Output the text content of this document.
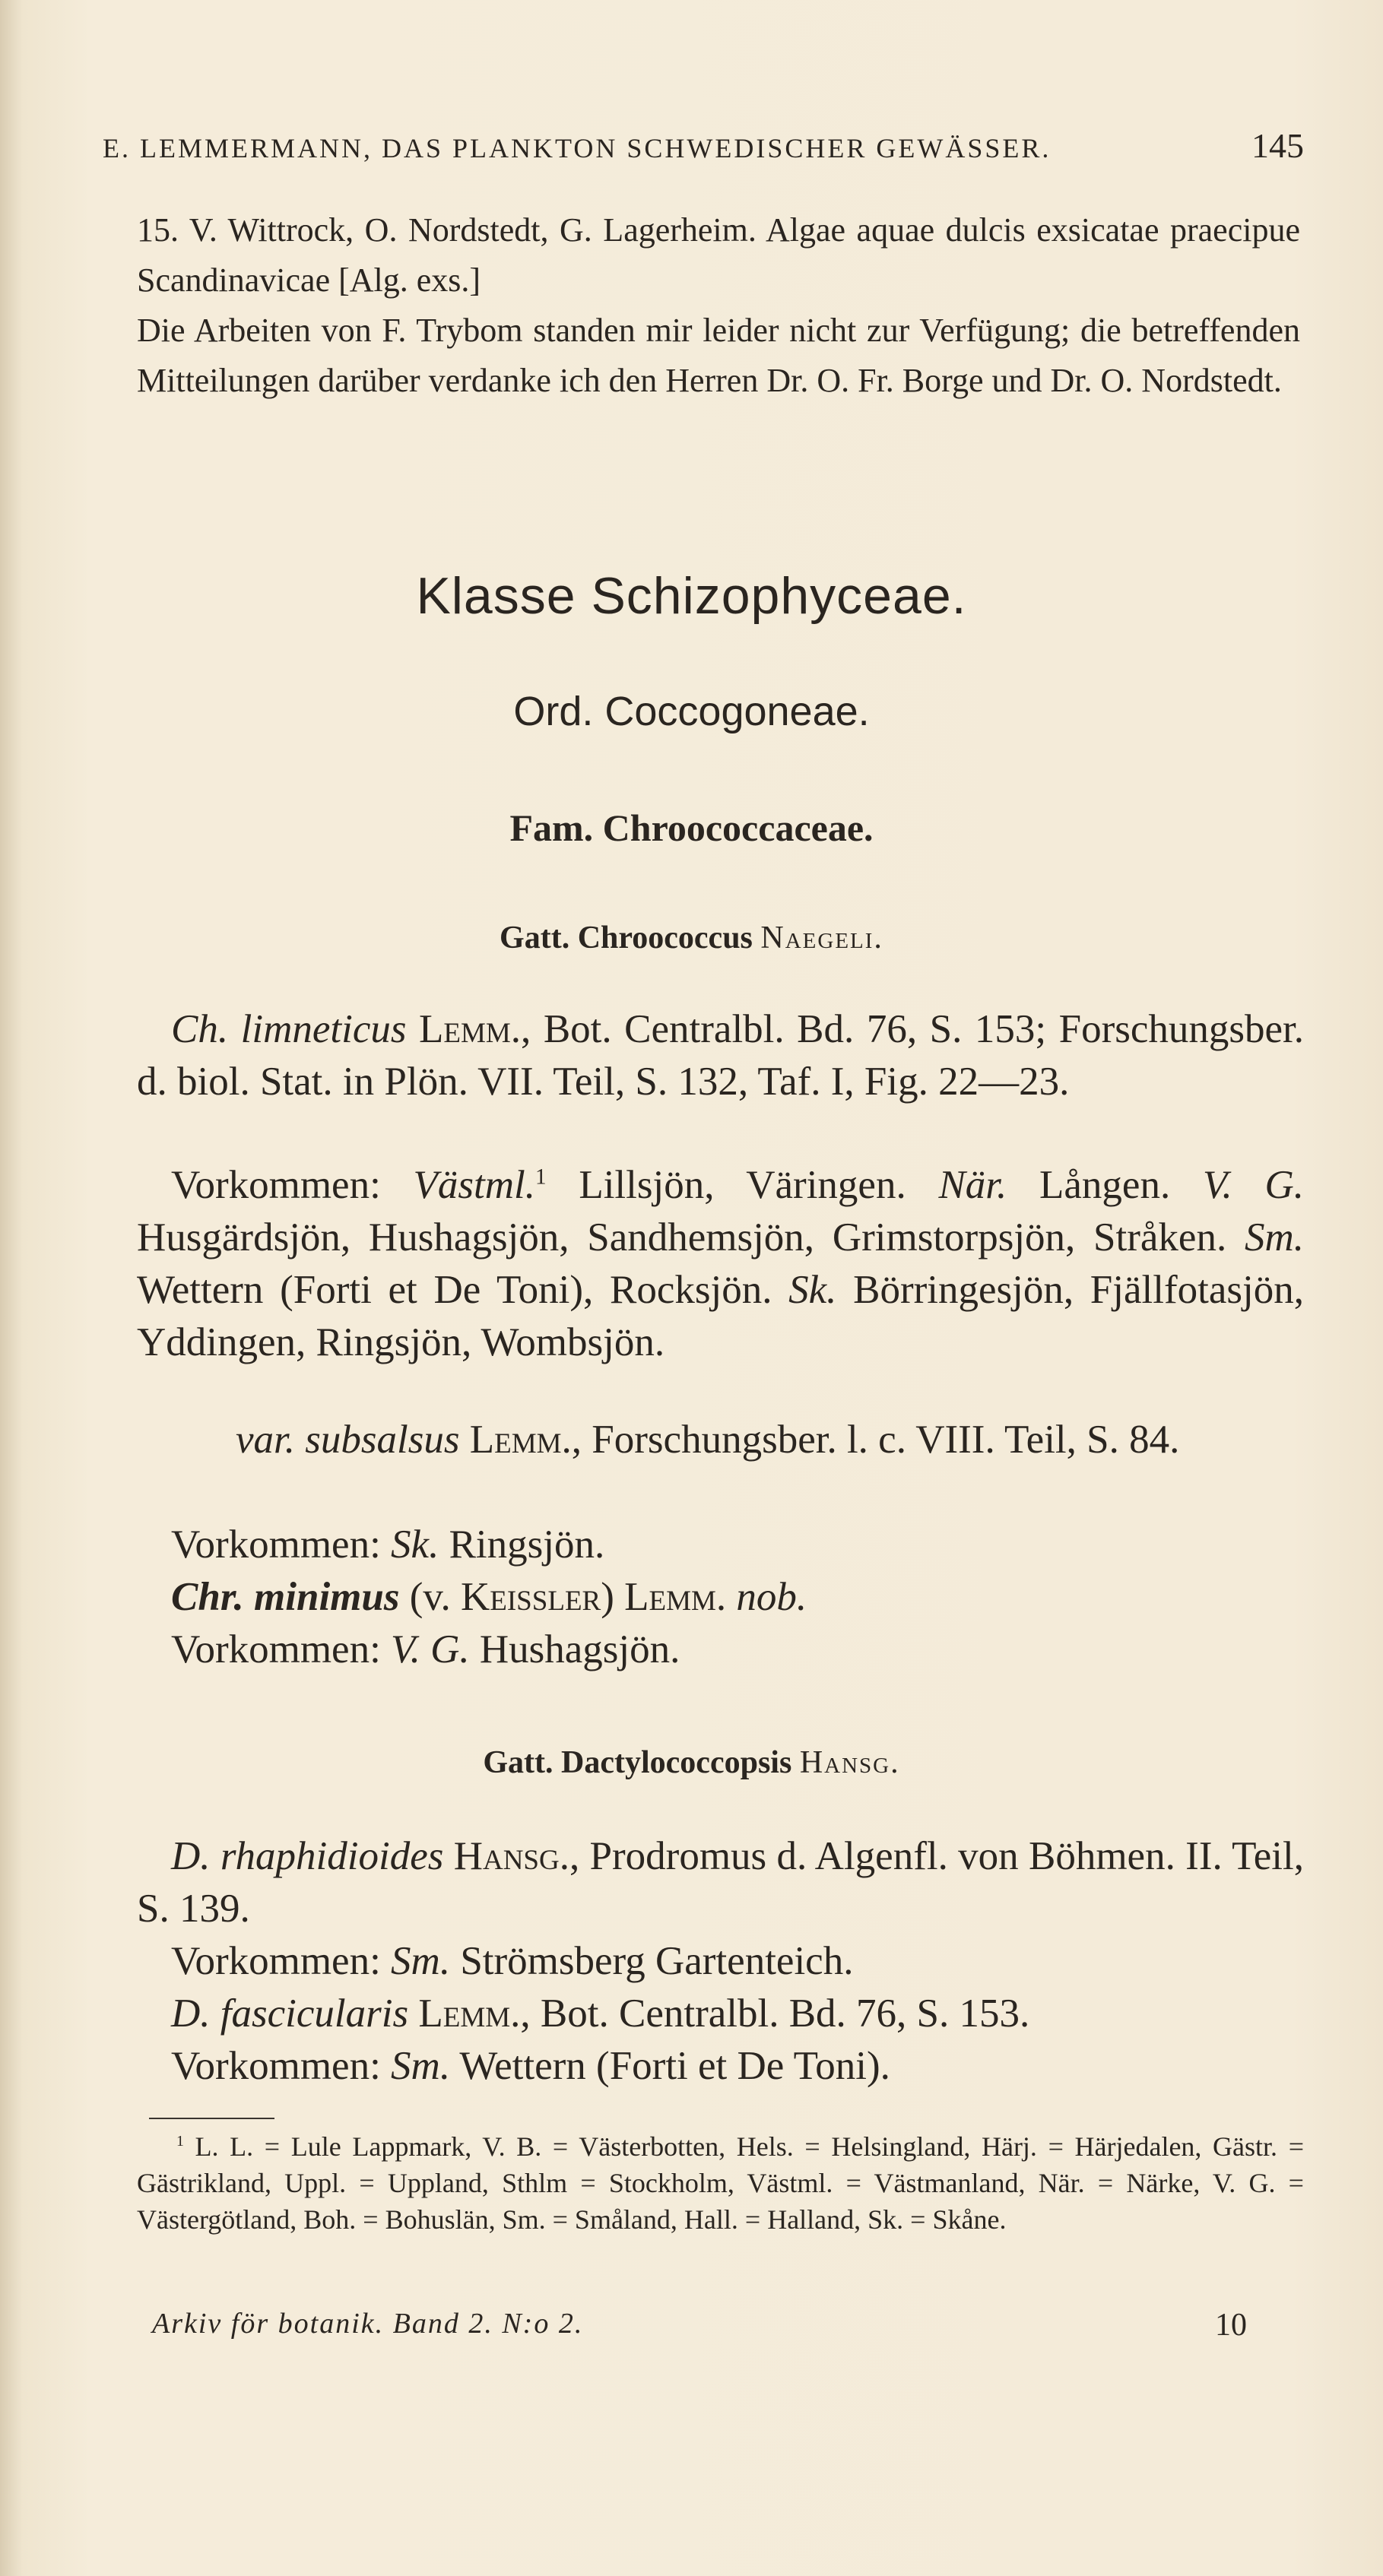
E. LEMMERMANN, DAS PLANKTON SCHWEDISCHER GEWÄSSER.	145

15. V. Wittrock, O. Nordstedt, G. Lagerheim. Algae aquae dulcis exsicatae praecipue Scandinavicae [Alg. exs.]

Die Arbeiten von F. Trybom standen mir leider nicht zur Verfügung; die betreffenden Mitteilungen darüber verdanke ich den Herren Dr. O. Fr. Borge und Dr. O. Nordstedt.

Klasse Schizophyceae.
Ord. Coccogoneae.
Fam. Chroococcaceae.
Gatt. Chroococcus Naegeli.

Ch. limneticus Lemm., Bot. Centralbl. Bd. 76, S. 153; Forschungsber. d. biol. Stat. in Plön. VII. Teil, S. 132, Taf. I, Fig. 22—23.

Vorkommen: Västml.$^1$ Lillsjön, Väringen. När. Lången. V. G. Husgärdsjön, Hushagsjön, Sandhemsjön, Grimstorpsjön, Stråken. Sm. Wettern (Forti et De Toni), Rocksjön. Sk. Börringesjön, Fjällfotasjön, Yddingen, Ringsjön, Wombsjön.

var. subsalsus Lemm., Forschungsber. l. c. VIII. Teil, S. 84.

Vorkommen: Sk. Ringsjön.

Chr. minimus (v. Keissler) Lemm. nob.

Vorkommen: V. G. Hushagsjön.

Gatt. Dactylococcopsis Hansg.

D. rhaphidioides Hansg., Prodromus d. Algenfl. von Böhmen. II. Teil, S. 139.

Vorkommen: Sm. Strömsberg Gartenteich.

D. fascicularis Lemm., Bot. Centralbl. Bd. 76, S. 153.

Vorkommen: Sm. Wettern (Forti et De Toni).

$^1$ L. L. = Lule Lappmark, V. B. = Västerbotten, Hels. = Helsingland, Härj. = Härjedalen, Gästr. = Gästrikland, Uppl. = Uppland, Sthlm = Stockholm, Västml. = Västmanland, När. = Närke, V. G. = Västergötland, Boh. = Bohuslän, Sm. = Småland, Hall. = Halland, Sk. = Skåne.

Arkiv för botanik. Band 2. N:o 2.	10
